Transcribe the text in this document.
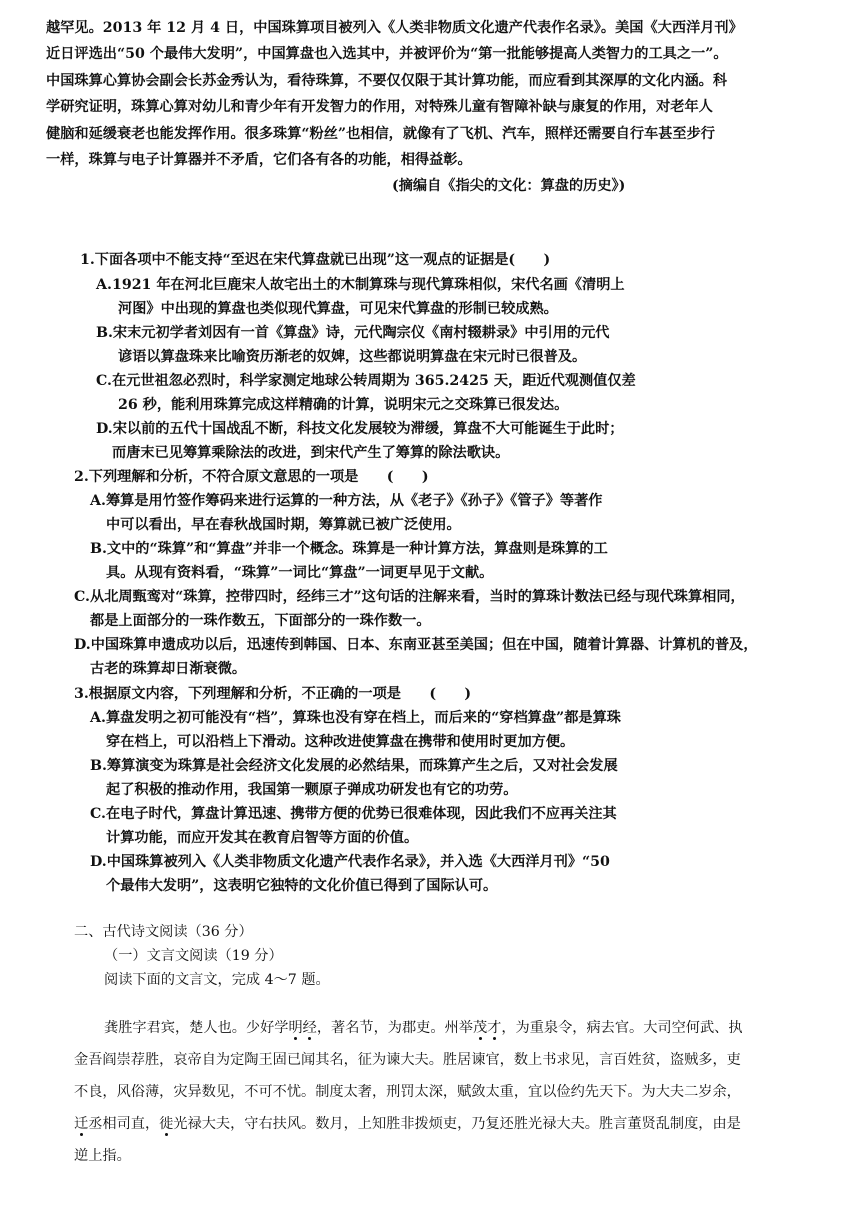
越罕见。2013 年 12 月 4 日，中国珠算项目被列入《人类非物质文化遗产代表作名录》。美国《大西洋月刊》
近日评选出“50 个最伟大发明”，中国算盘也入选其中，并被评价为“第一批能够提高人类智力的工具之一”。
中国珠算心算协会副会长苏金秀认为，看待珠算，不要仅仅限于其计算功能，而应看到其深厚的文化内涵。科
学研究证明，珠算心算对幼儿和青少年有开发智力的作用，对特殊儿童有智障补缺与康复的作用，对老年人
健脑和延缓衰老也能发挥作用。很多珠算“粉丝”也相信，就像有了飞机、汽车，照样还需要自行车甚至步行
一样，珠算与电子计算器并不矛盾，它们各有各的功能，相得益彰。
(摘编自《指尖的文化：算盘的历史》)
1.下面各项中不能支持“至迟在宋代算盘就已出现”这一观点的证据是(　　)
A.1921 年在河北巨鹿宋人故宅出土的木制算珠与现代算珠相似，宋代名画《清明上
河图》中出现的算盘也类似现代算盘，可见宋代算盘的形制已较成熟。
B.宋末元初学者刘因有一首《算盘》诗，元代陶宗仪《南村辍耕录》中引用的元代
谚语以算盘珠来比喻资历渐老的奴婢，这些都说明算盘在宋元时已很普及。
C.在元世祖忽必烈时，科学家测定地球公转周期为 365.2425 天，距近代观测值仅差
26 秒，能利用珠算完成这样精确的计算，说明宋元之交珠算已很发达。
D.宋以前的五代十国战乱不断，科技文化发展较为滞缓，算盘不大可能诞生于此时；
而唐末已见筹算乘除法的改进，到宋代产生了筹算的除法歌诀。
2.下列理解和分析，不符合原文意思的一项是　　(　　)
A.筹算是用竹签作筹码来进行运算的一种方法，从《老子》《孙子》《管子》等著作
中可以看出，早在春秋战国时期，筹算就已被广泛使用。
B.文中的“珠算”和“算盘”并非一个概念。珠算是一种计算方法，算盘则是珠算的工
具。从现有资料看，“珠算”一词比“算盘”一词更早见于文献。
C.从北周甄鸾对“珠算，控带四时，经纬三才”这句话的注解来看，当时的算珠计数法已经与现代珠算相同，
都是上面部分的一珠作数五，下面部分的一珠作数一。
D.中国珠算申遗成功以后，迅速传到韩国、日本、东南亚甚至美国；但在中国，随着计算器、计算机的普及，
古老的珠算却日渐衰微。
3.根据原文内容，下列理解和分析，不正确的一项是　　(　　)
A.算盘发明之初可能没有“档”，算珠也没有穿在档上，而后来的“穿档算盘”都是算珠
穿在档上，可以沿档上下滑动。这种改进使算盘在携带和使用时更加方便。
B.筹算演变为珠算是社会经济文化发展的必然结果，而珠算产生之后，又对社会发展
起了积极的推动作用，我国第一颗原子弹成功研发也有它的功劳。
C.在电子时代，算盘计算迅速、携带方便的优势已很难体现，因此我们不应再关注其
计算功能，而应开发其在教育启智等方面的价值。
D.中国珠算被列入《人类非物质文化遗产代表作名录》，并入选《大西洋月刊》“50
个最伟大发明”，这表明它独特的文化价值已得到了国际认可。
二、古代诗文阅读（36 分）
（一）文言文阅读（19 分）
阅读下面的文言文，完成 4～7 题。
龚胜字君宾，楚人也。少好学明经，著名节，为郡吏。州举茂才，为重泉令，病去官。大司空何武、执
金吾阎崇荐胜，哀帝自为定陶王固已闻其名，征为谏大夫。胜居谏官，数上书求见，言百姓贫，盗贼多，吏
不良，风俗薄，灾异数见，不可不忧。制度太奢，刑罚太深，赋敛太重，宜以俭约先天下。为大夫二岁余，
迁丞相司直，徙光禄大夫，守右扶风。数月，上知胜非拨烦吏，乃复还胜光禄大夫。胜言董贤乱制度，由是
逆上指。
